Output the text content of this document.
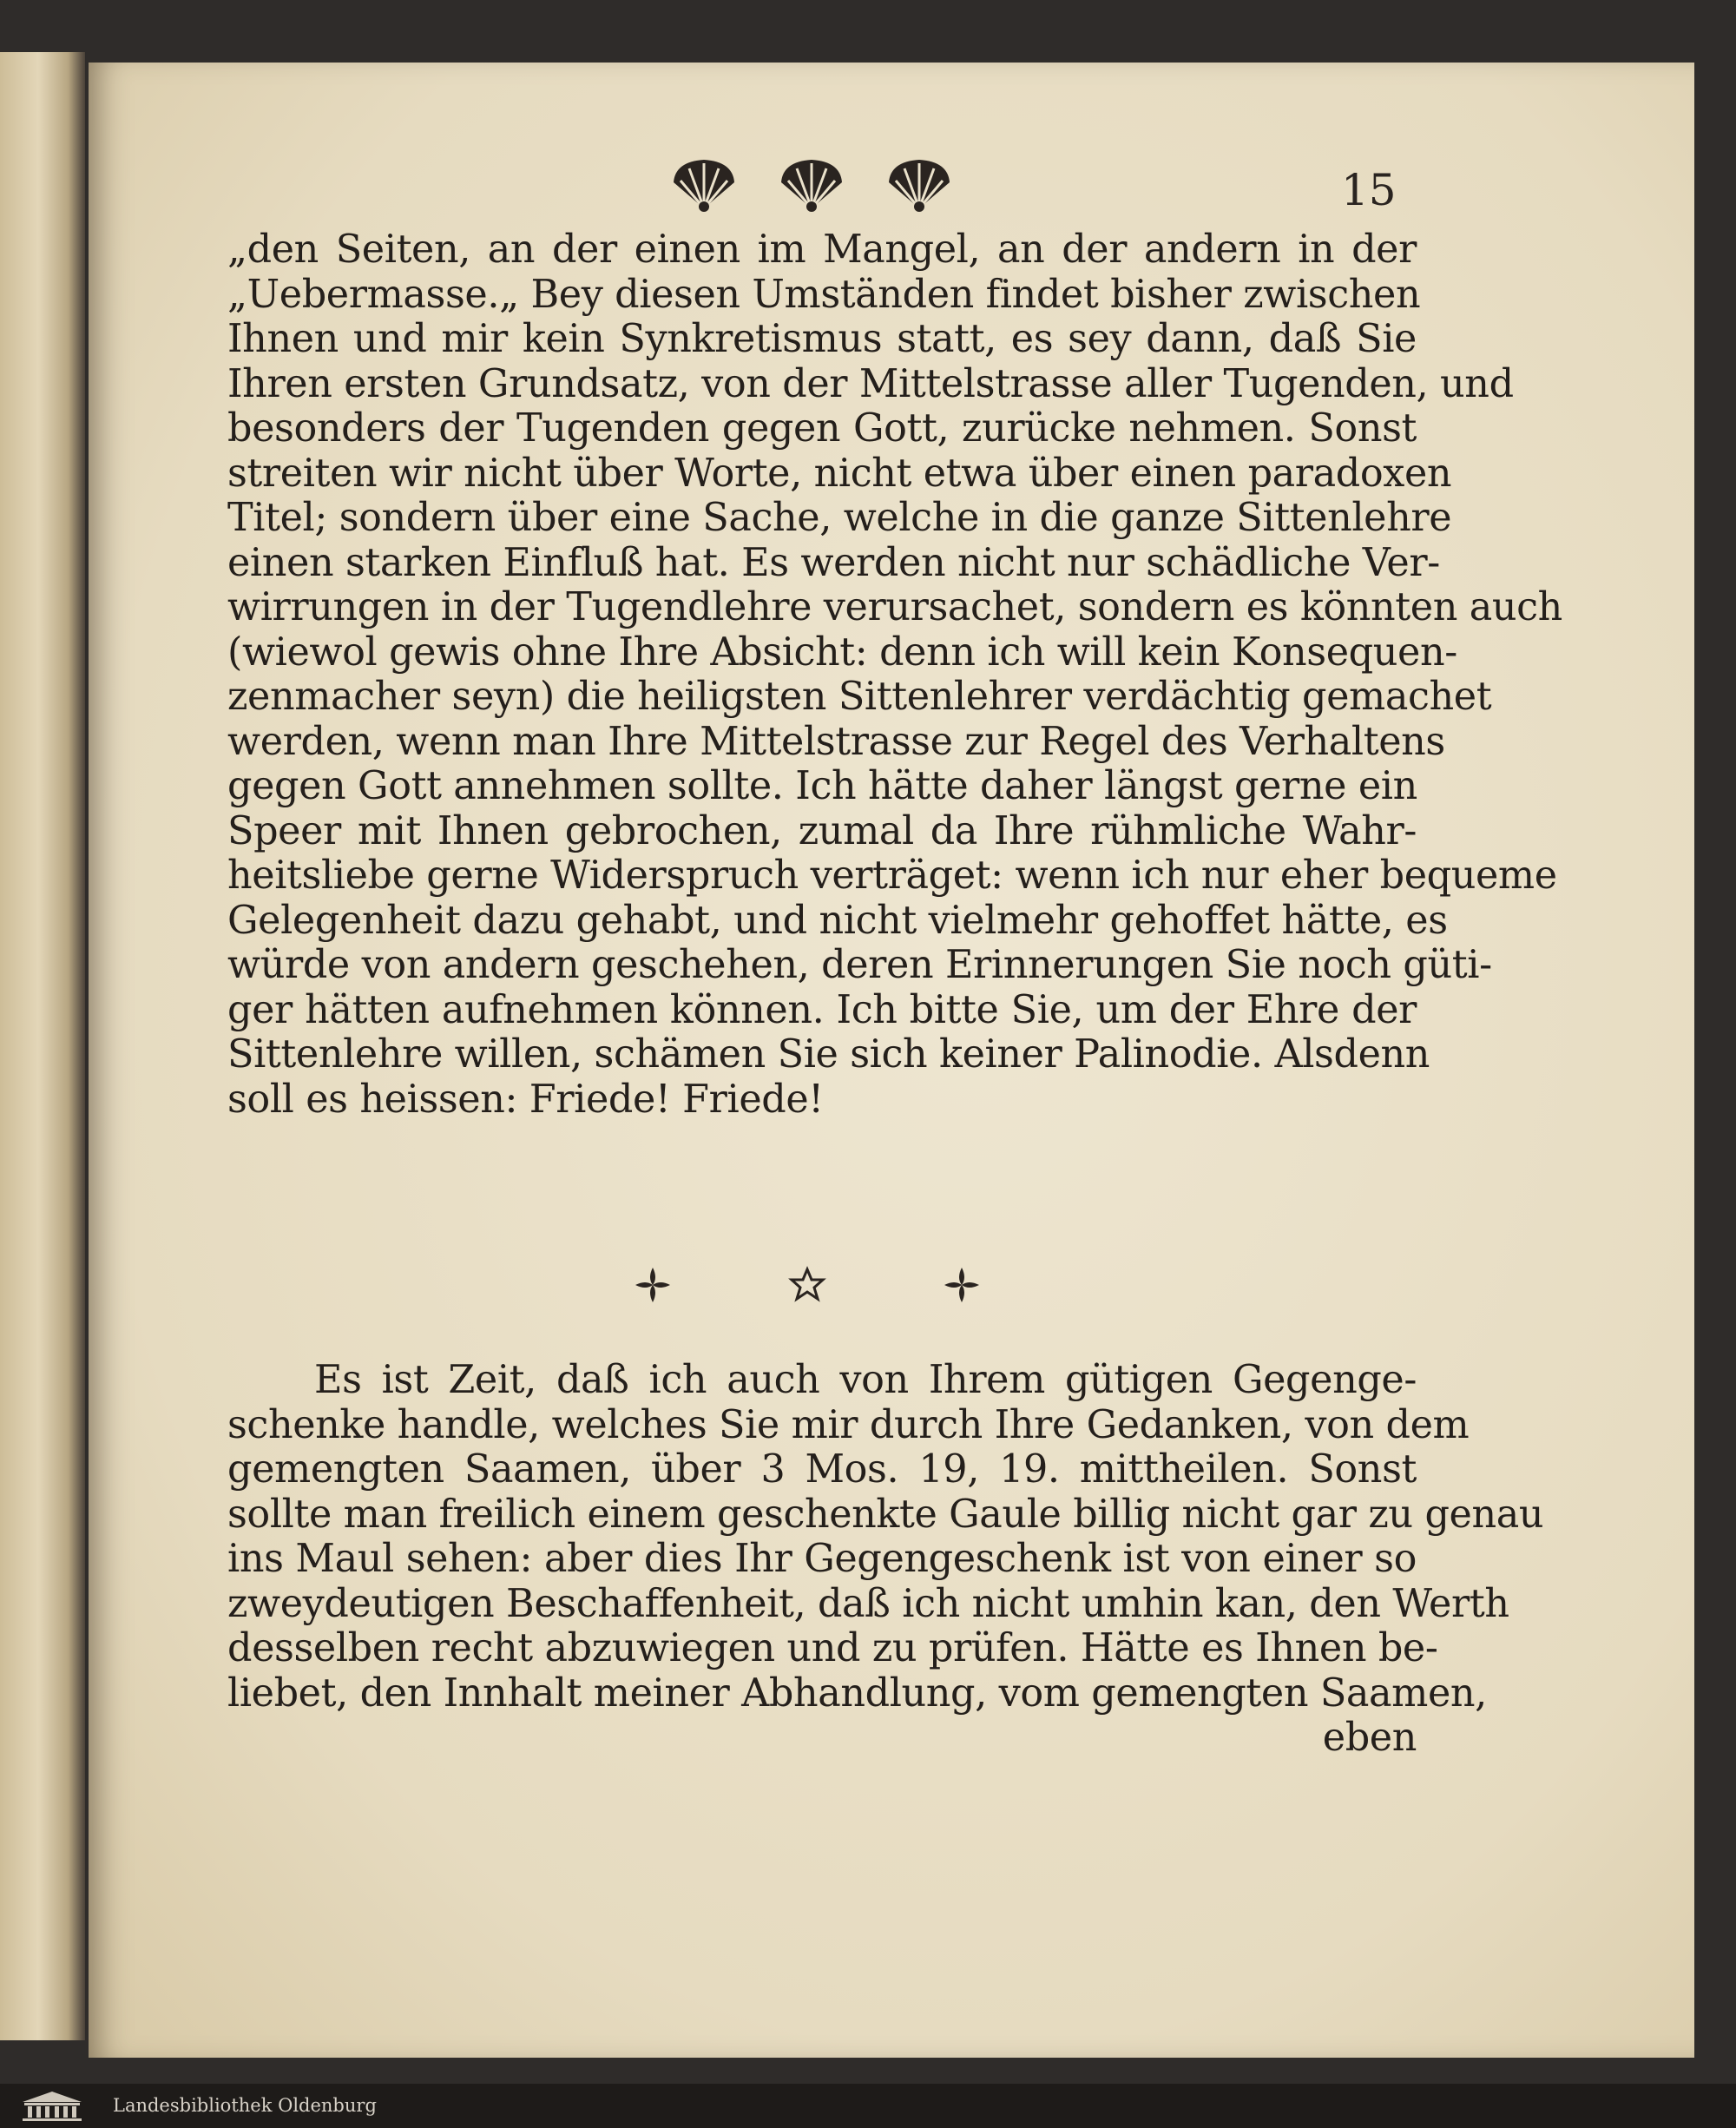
15
„den Seiten, an der einen im Mangel, an der andern in der
„Uebermasse.„ Bey diesen Umständen findet bisher zwischen
Ihnen und mir kein Synkretismus statt, es sey dann, daß Sie
Ihren ersten Grundsatz, von der Mittelstrasse aller Tugenden, und
besonders der Tugenden gegen Gott, zurücke nehmen. Sonst
streiten wir nicht über Worte, nicht etwa über einen paradoxen
Titel; sondern über eine Sache, welche in die ganze Sittenlehre
einen starken Einfluß hat. Es werden nicht nur schädliche Ver-
wirrungen in der Tugendlehre verursachet, sondern es könnten auch
(wiewol gewis ohne Ihre Absicht: denn ich will kein Konsequen-
zenmacher seyn) die heiligsten Sittenlehrer verdächtig gemachet
werden, wenn man Ihre Mittelstrasse zur Regel des Verhaltens
gegen Gott annehmen sollte. Ich hätte daher längst gerne ein
Speer mit Ihnen gebrochen, zumal da Ihre rühmliche Wahr-
heitsliebe gerne Widerspruch verträget: wenn ich nur eher bequeme
Gelegenheit dazu gehabt, und nicht vielmehr gehoffet hätte, es
würde von andern geschehen, deren Erinnerungen Sie noch güti-
ger hätten aufnehmen können. Ich bitte Sie, um der Ehre der
Sittenlehre willen, schämen Sie sich keiner Palinodie. Alsdenn
soll es heissen: Friede! Friede!
Es ist Zeit, daß ich auch von Ihrem gütigen Gegenge-
schenke handle, welches Sie mir durch Ihre Gedanken, von dem
gemengten Saamen, über 3 Mos. 19, 19. mittheilen. Sonst
sollte man freilich einem geschenkte Gaule billig nicht gar zu genau
ins Maul sehen: aber dies Ihr Gegengeschenk ist von einer so
zweydeutigen Beschaffenheit, daß ich nicht umhin kan, den Werth
desselben recht abzuwiegen und zu prüfen. Hätte es Ihnen be-
liebet, den Innhalt meiner Abhandlung, vom gemengten Saamen,
eben
Landesbibliothek Oldenburg
